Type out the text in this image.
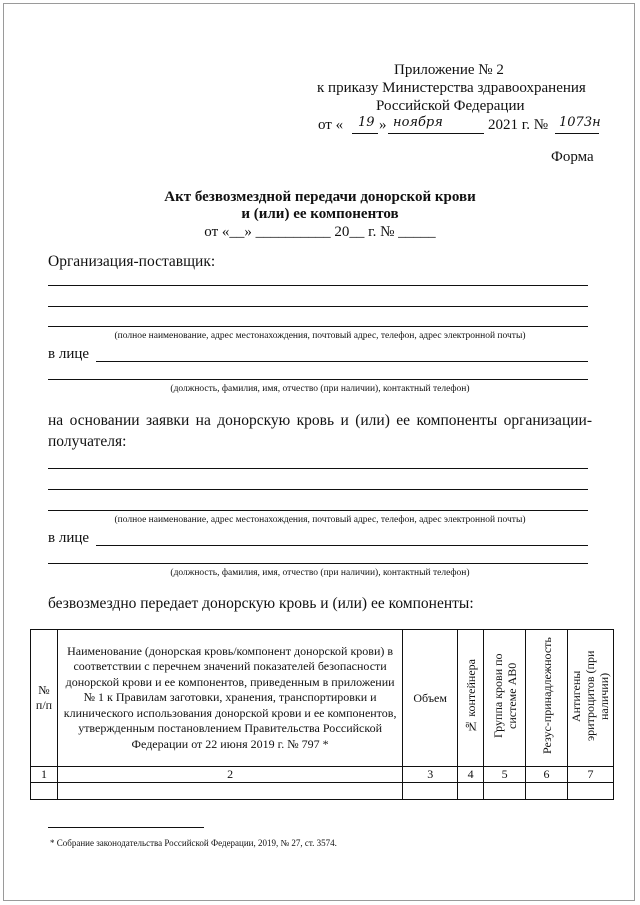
Приложение № 2
к приказу Министерства здравоохранения
Российской Федерации
от « 19 » ноября	2021 г. № 1073н
Форма
Акт безвозмездной передачи донорской крови
и (или) ее компонентов
от «__» __________ 20__ г. № _____
Организация-поставщик:
(полное наименование, адрес местонахождения, почтовый адрес, телефон, адрес электронной почты)
в лице
(должность, фамилия, имя, отчество (при наличии), контактный телефон)
на основании заявки на донорскую кровь и (или) ее компоненты организации-
получателя:
(полное наименование, адрес местонахождения, почтовый адрес, телефон, адрес электронной почты)
в лице
(должность, фамилия, имя, отчество (при наличии), контактный телефон)
безвозмездно передает донорскую кровь и (или) ее компоненты:
№ п/п	Наименование (донорская кровь/компонент донорской крови) в соответствии с перечнем значений показателей безопасности донорской крови и ее компонентов, приведенным в приложении № 1 к Правилам заготовки, хранения, транспортировки и клинического использования донорской крови и ее компонентов, утвержденным постановлением Правительства Российской Федерации от 22 июня 2019 г. № 797 *	Объем	№ контейнера	Группа крови по системе АВ0	Резус-принадлежность	Антигены эритроцитов (при наличии)
1	2	3	4	5	6	7

* Собрание законодательства Российской Федерации, 2019, № 27, ст. 3574.
